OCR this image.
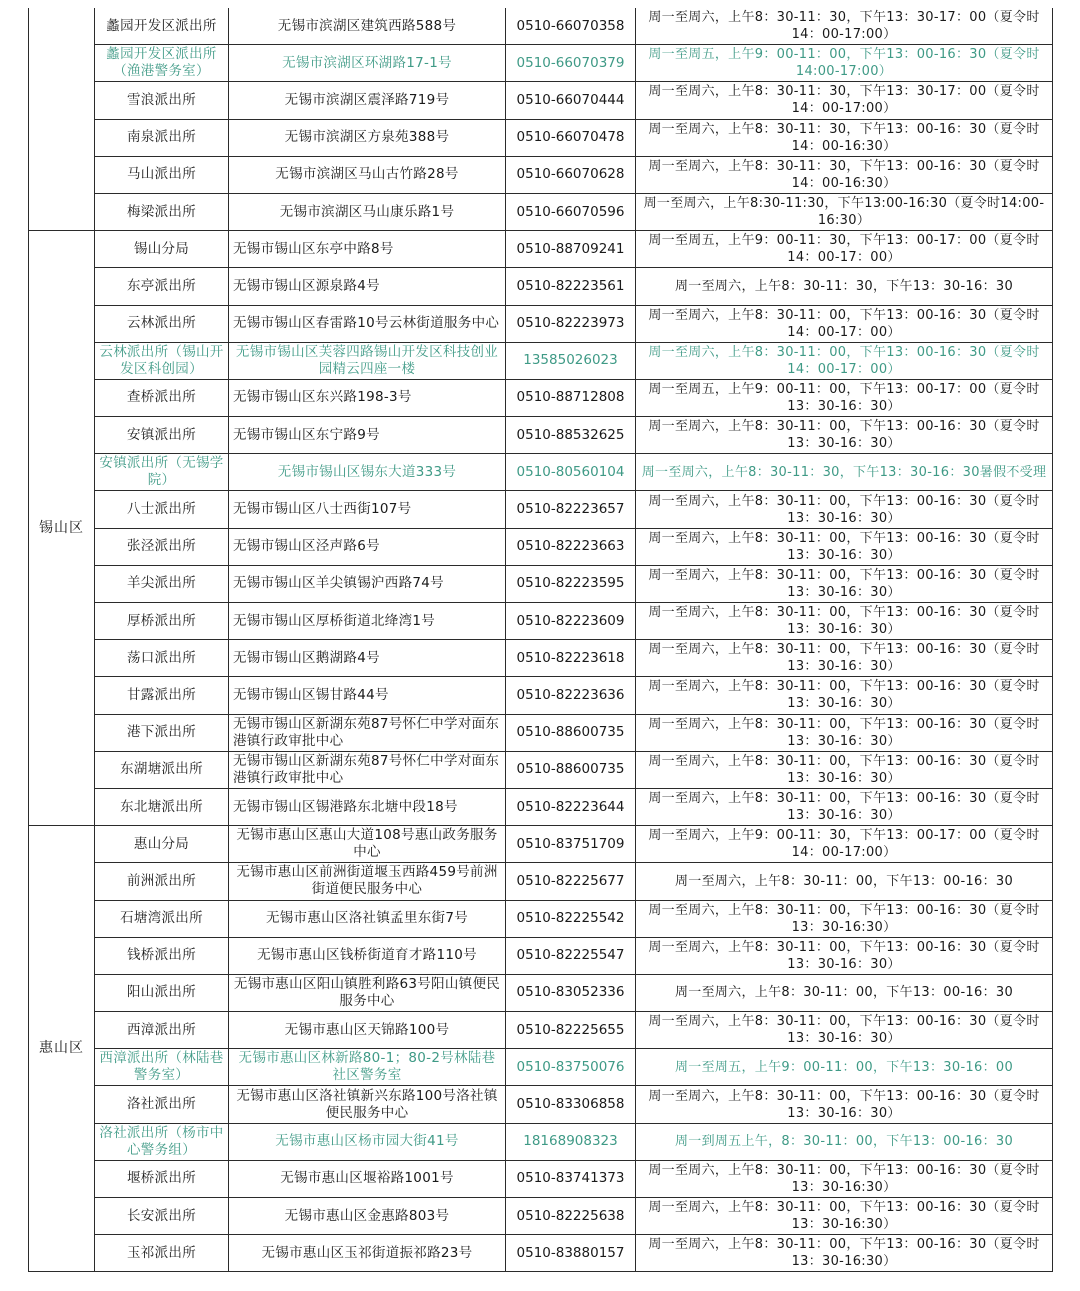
	蠡园开发区派出所	无锡市滨湖区建筑西路588号	0510-66070358	周一至周六，上午8：30-11：30，下午13：30-17：00（夏令时14：00-17:00）
	蠡园开发区派出所（渔港警务室）	无锡市滨湖区环湖路17-1号	0510-66070379	周一至周五，上午9：00-11：00，下午13：00-16：30（夏令时14:00-17:00）
	雪浪派出所	无锡市滨湖区震泽路719号	0510-66070444	周一至周六，上午8：30-11：30，下午13：30-17：00（夏令时14：00-17:00）
	南泉派出所	无锡市滨湖区方泉苑388号	0510-66070478	周一至周六，上午8：30-11：30，下午13：00-16：30（夏令时14：00-16:30）
	马山派出所	无锡市滨湖区马山古竹路28号	0510-66070628	周一至周六，上午8：30-11：30，下午13：00-16：30（夏令时14：00-16:30）
	梅梁派出所	无锡市滨湖区马山康乐路1号	0510-66070596	周一至周六，上午8:30-11:30，下午13:00-16:30（夏令时14:00-16:30）
锡山区	锡山分局	无锡市锡山区东亭中路8号	0510-88709241	周一至周五，上午9：00-11：30，下午13：00-17：00（夏令时14：00-17：00）
	东亭派出所	无锡市锡山区源泉路4号	0510-82223561	周一至周六，上午8：30-11：30，下午13：30-16：30
	云林派出所	无锡市锡山区春雷路10号云林街道服务中心	0510-82223973	周一至周六，上午8：30-11：00，下午13：00-16：30（夏令时14：00-17：00）
	云林派出所（锡山开发区科创园）	无锡市锡山区芙蓉四路锡山开发区科技创业园精云四座一楼	13585026023	周一至周六，上午8：30-11：00，下午13：00-16：30（夏令时14：00-17：00）
	查桥派出所	无锡市锡山区东兴路198-3号	0510-88712808	周一至周五，上午9：00-11：00，下午13：00-17：00（夏令时13：30-16：30）
	安镇派出所	无锡市锡山区东宁路9号	0510-88532625	周一至周六，上午8：30-11：00，下午13：00-16：30（夏令时13：30-16：30）
	安镇派出所（无锡学院）	无锡市锡山区锡东大道333号	0510-80560104	周一至周六，上午8：30-11：30，下午13：30-16：30暑假不受理
	八士派出所	无锡市锡山区八士西街107号	0510-82223657	周一至周六，上午8：30-11：00，下午13：00-16：30（夏令时13：30-16：30）
	张泾派出所	无锡市锡山区泾声路6号	0510-82223663	周一至周六，上午8：30-11：00，下午13：00-16：30（夏令时13：30-16：30）
	羊尖派出所	无锡市锡山区羊尖镇锡沪西路74号	0510-82223595	周一至周六，上午8：30-11：00，下午13：00-16：30（夏令时13：30-16：30）
	厚桥派出所	无锡市锡山区厚桥街道北绛湾1号	0510-82223609	周一至周六，上午8：30-11：00，下午13：00-16：30（夏令时13：30-16：30）
	荡口派出所	无锡市锡山区鹅湖路4号	0510-82223618	周一至周六，上午8：30-11：00，下午13：00-16：30（夏令时13：30-16：30）
	甘露派出所	无锡市锡山区锡甘路44号	0510-82223636	周一至周六，上午8：30-11：00，下午13：00-16：30（夏令时13：30-16：30）
	港下派出所	无锡市锡山区新湖东苑87号怀仁中学对面东港镇行政审批中心	0510-88600735	周一至周六，上午8：30-11：00，下午13：00-16：30（夏令时13：30-16：30）
	东湖塘派出所	无锡市锡山区新湖东苑87号怀仁中学对面东港镇行政审批中心	0510-88600735	周一至周六，上午8：30-11：00，下午13：00-16：30（夏令时13：30-16：30）
	东北塘派出所	无锡市锡山区锡港路东北塘中段18号	0510-82223644	周一至周六，上午8：30-11：00，下午13：00-16：30（夏令时13：30-16：30）
惠山区	惠山分局	无锡市惠山区惠山大道108号惠山政务服务中心	0510-83751709	周一至周六，上午9：00-11：30，下午13：00-17：00（夏令时14：00-17:00）
	前洲派出所	无锡市惠山区前洲街道堰玉西路459号前洲街道便民服务中心	0510-82225677	周一至周六，上午8：30-11：00，下午13：00-16：30
	石塘湾派出所	无锡市惠山区洛社镇孟里东街7号	0510-82225542	周一至周六，上午8：30-11：00，下午13：00-16：30（夏令时13：30-16:30）
	钱桥派出所	无锡市惠山区钱桥街道育才路110号	0510-82225547	周一至周六，上午8：30-11：00，下午13：00-16：30（夏令时13：30-16：30）
	阳山派出所	无锡市惠山区阳山镇胜利路63号阳山镇便民服务中心	0510-83052336	周一至周六，上午8：30-11：00，下午13：00-16：30
	西漳派出所	无锡市惠山区天锦路100号	0510-82225655	周一至周六，上午8：30-11：00，下午13：00-16：30（夏令时13：30-16：30）
	西漳派出所（林陆巷警务室）	无锡市惠山区林新路80-1；80-2号林陆巷社区警务室	0510-83750076	周一至周五，上午9：00-11：00，下午13：30-16：00
	洛社派出所	无锡市惠山区洛社镇新兴东路100号洛社镇便民服务中心	0510-83306858	周一至周六，上午8：30-11：00，下午13：00-16：30（夏令时13：30-16：30）
	洛社派出所（杨市中心警务组）	无锡市惠山区杨市园大街41号	18168908323	周一到周五上午，8：30-11：00，下午13：00-16：30
	堰桥派出所	无锡市惠山区堰裕路1001号	0510-83741373	周一至周六，上午8：30-11：00，下午13：00-16：30（夏令时13：30-16:30）
	长安派出所	无锡市惠山区金惠路803号	0510-82225638	周一至周六，上午8：30-11：00，下午13：00-16：30（夏令时13：30-16:30）
	玉祁派出所	无锡市惠山区玉祁街道振祁路23号	0510-83880157	周一至周六，上午8：30-11：00，下午13：00-16：30（夏令时13：30-16:30）
